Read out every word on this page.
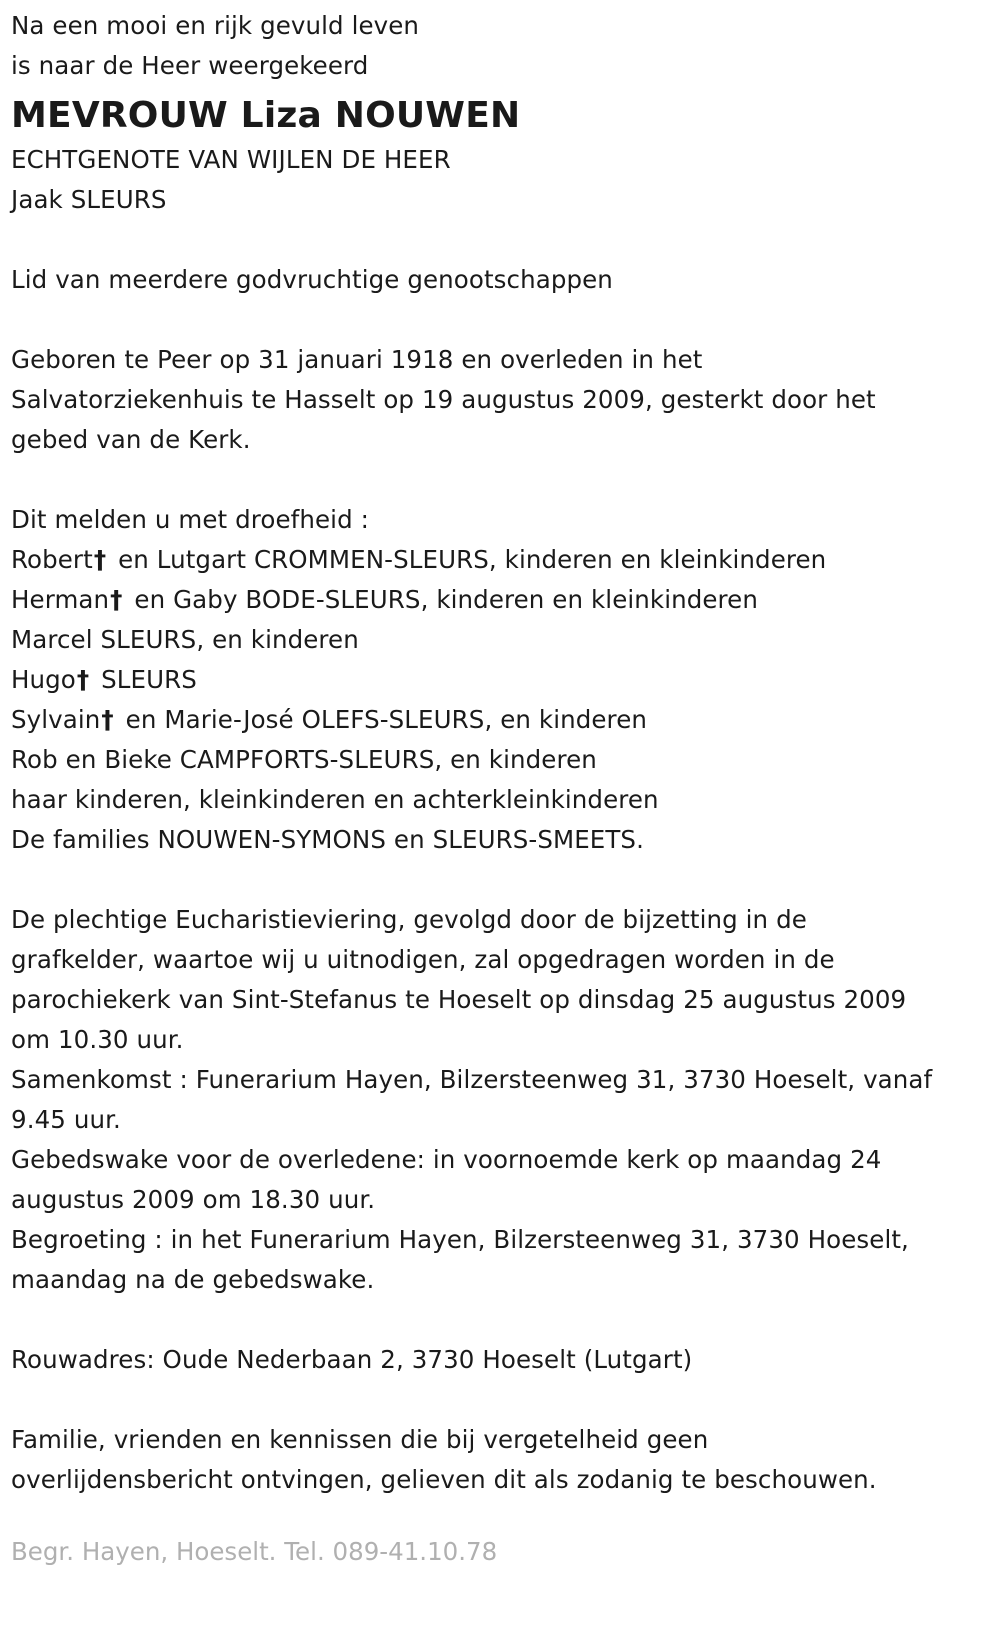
Na een mooi en rijk gevuld leven
is naar de Heer weergekeerd
MEVROUW Liza NOUWEN
ECHTGENOTE VAN WIJLEN DE HEER
Jaak SLEURS
Lid van meerdere godvruchtige genootschappen
Geboren te Peer op 31 januari 1918 en overleden in het
Salvatorziekenhuis te Hasselt op 19 augustus 2009, gesterkt door het
gebed van de Kerk.
Dit melden u met droefheid :
Robert† en Lutgart CROMMEN-SLEURS, kinderen en kleinkinderen
Herman† en Gaby BODE-SLEURS, kinderen en kleinkinderen
Marcel SLEURS, en kinderen
Hugo† SLEURS
Sylvain† en Marie-José OLEFS-SLEURS, en kinderen
Rob en Bieke CAMPFORTS-SLEURS, en kinderen
haar kinderen, kleinkinderen en achterkleinkinderen
De families NOUWEN-SYMONS en SLEURS-SMEETS.
De plechtige Eucharistieviering, gevolgd door de bijzetting in de
grafkelder, waartoe wij u uitnodigen, zal opgedragen worden in de
parochiekerk van Sint-Stefanus te Hoeselt op dinsdag 25 augustus 2009
om 10.30 uur.
Samenkomst : Funerarium Hayen, Bilzersteenweg 31, 3730 Hoeselt, vanaf
9.45 uur.
Gebedswake voor de overledene: in voornoemde kerk op maandag 24
augustus 2009 om 18.30 uur.
Begroeting : in het Funerarium Hayen, Bilzersteenweg 31, 3730 Hoeselt,
maandag na de gebedswake.
Rouwadres: Oude Nederbaan 2, 3730 Hoeselt (Lutgart)
Familie, vrienden en kennissen die bij vergetelheid geen
overlijdensbericht ontvingen, gelieven dit als zodanig te beschouwen.
Begr. Hayen, Hoeselt. Tel. 089-41.10.78
